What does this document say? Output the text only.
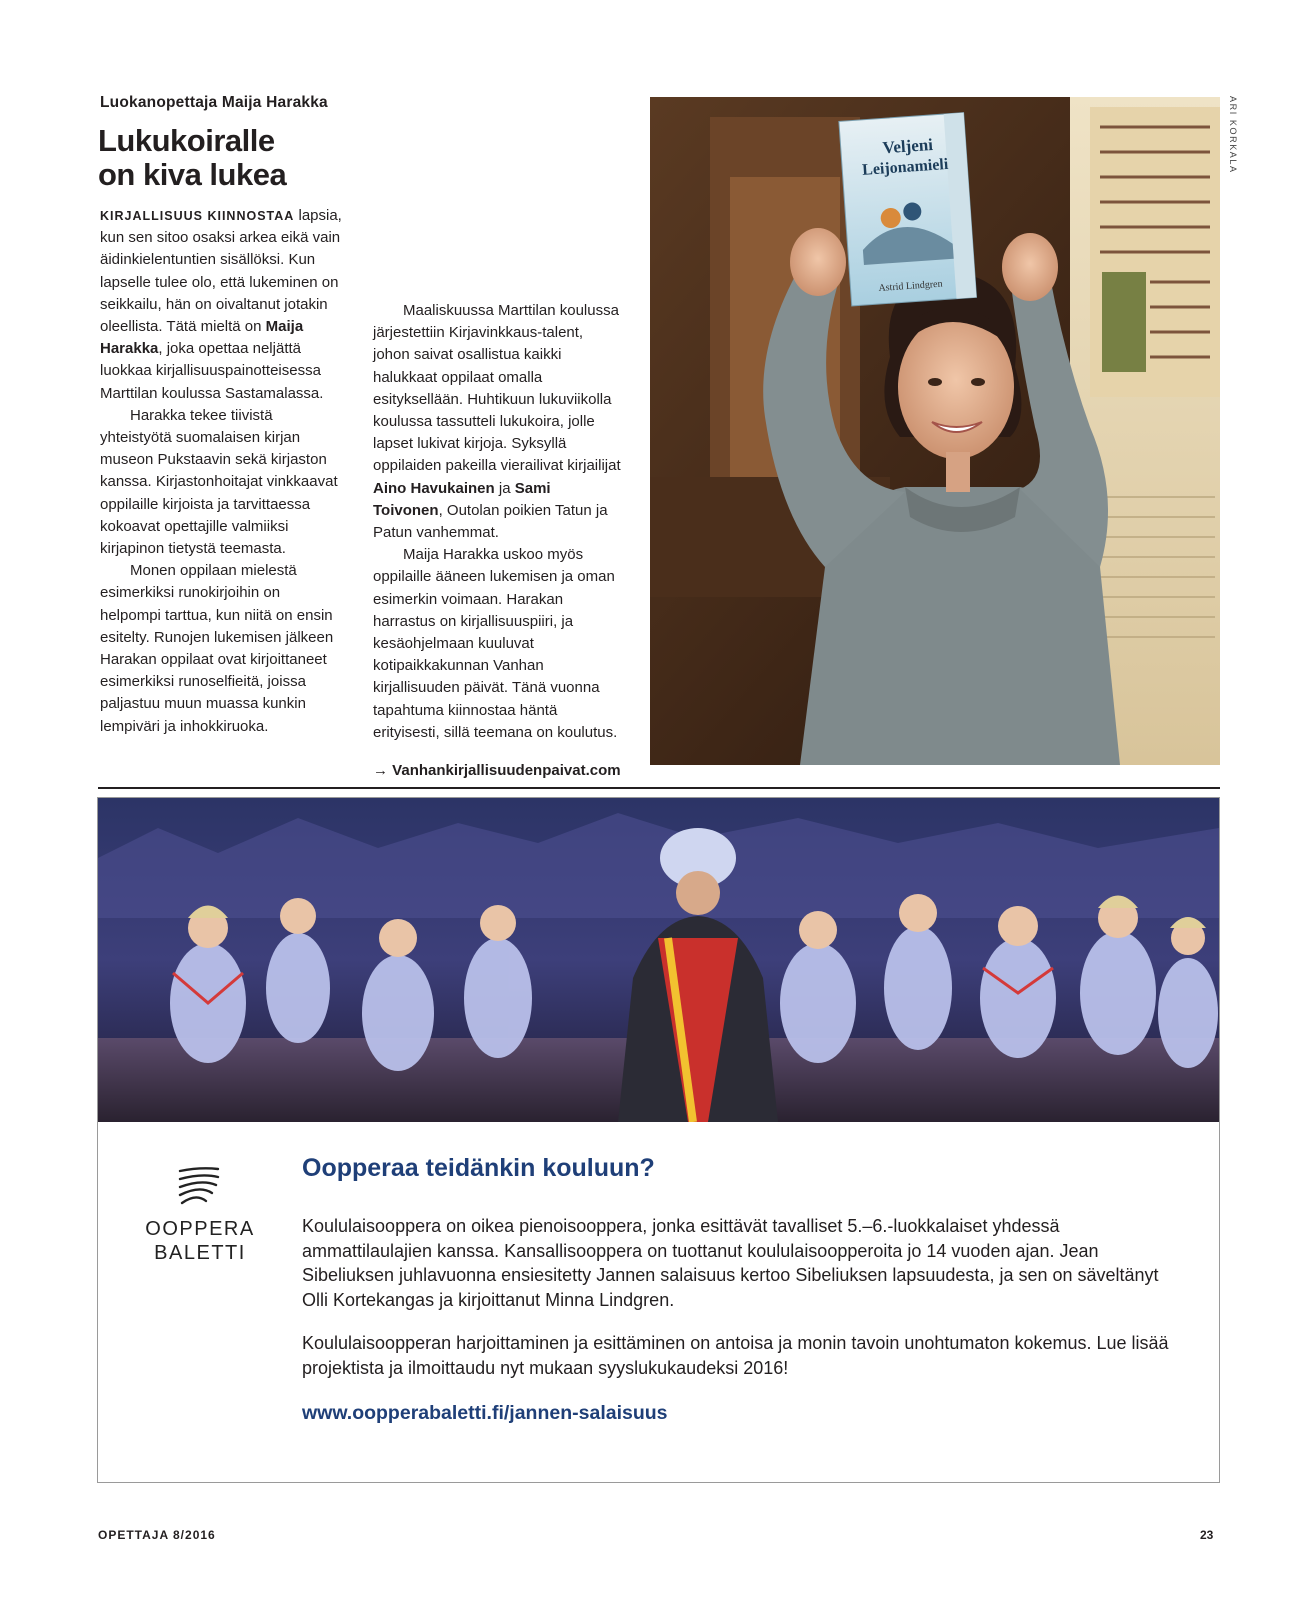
Luokanopettaja Maija Harakka
Lukukoiralle
on kiva lukea

KIRJALLISUUS KIINNOSTAA lapsia, kun sen sitoo osaksi arkea eikä vain äidinkielentuntien sisällöksi. Kun lapselle tulee olo, että lukeminen on seikkailu, hän on oivaltanut jotakin oleellista. Tätä mieltä on Maija Harakka, joka opettaa neljättä luokkaa kirjallisuuspainotteisessa Marttilan koulussa Sastamalassa.

Harakka tekee tiivistä yhteistyötä suomalaisen kirjan museon Pukstaavin sekä kirjaston kanssa. Kirjastonhoitajat vinkkaavat oppilaille kirjoista ja tarvittaessa kokoavat opettajille valmiiksi kirjapinon tietystä teemasta.

Monen oppilaan mielestä esimerkiksi runokirjoihin on helpompi tarttua, kun niitä on ensin esitelty. Runojen lukemisen jälkeen Harakan oppilaat ovat kirjoittaneet esimerkiksi runoselfieitä, joissa paljastuu muun muassa kunkin lempiväri ja inhokkiruoka.

Maaliskuussa Marttilan koulussa järjestettiin Kirjavinkkaus-talent, johon saivat osallistua kaikki halukkaat oppilaat omalla esityksellään. Huhtikuun lukuviikolla koulussa tassutteli lukukoira, jolle lapset lukivat kirjoja. Syksyllä oppilaiden pakeilla vierailivat kirjailijat Aino Havukainen ja Sami Toivonen, Outolan poikien Tatun ja Patun vanhemmat.

Maija Harakka uskoo myös oppilaille ääneen lukemisen ja oman esimerkin voimaan. Harakan harrastus on kirjallisuuspiiri, ja kesäohjelmaan kuuluvat kotipaikkakunnan Vanhan kirjallisuuden päivät. Tänä vuonna tapahtuma kiinnostaa häntä erityisesti, sillä teemana on koulutus.

→ Vanhankirjallisuudenpaivat.com

Veljeni
Leijonamieli
Astrid Lindgren
ARI KORKALA
OOPPERA
BALETTI
Oopperaa teidänkin kouluun?
Koululaisooppera on oikea pienoisooppera, jonka esittävät tavalliset 5.–6.-luokkalaiset yhdessä ammattilaulajien kanssa. Kansallisooppera on tuottanut koululaisoopperoita jo 14 vuoden ajan. Jean Sibeliuksen juhlavuonna ensiesitetty Jannen salaisuus kertoo Sibeliuksen lapsuudesta, ja sen on säveltänyt Olli Kortekangas ja kirjoittanut Minna Lindgren.
Koululaisoopperan harjoittaminen ja esittäminen on antoisa ja monin tavoin unohtumaton kokemus. Lue lisää projektista ja ilmoittaudu nyt mukaan syyslukukaudeksi 2016!
www.oopperabaletti.fi/jannen-salaisuus
OPETTAJA 8/2016	23
